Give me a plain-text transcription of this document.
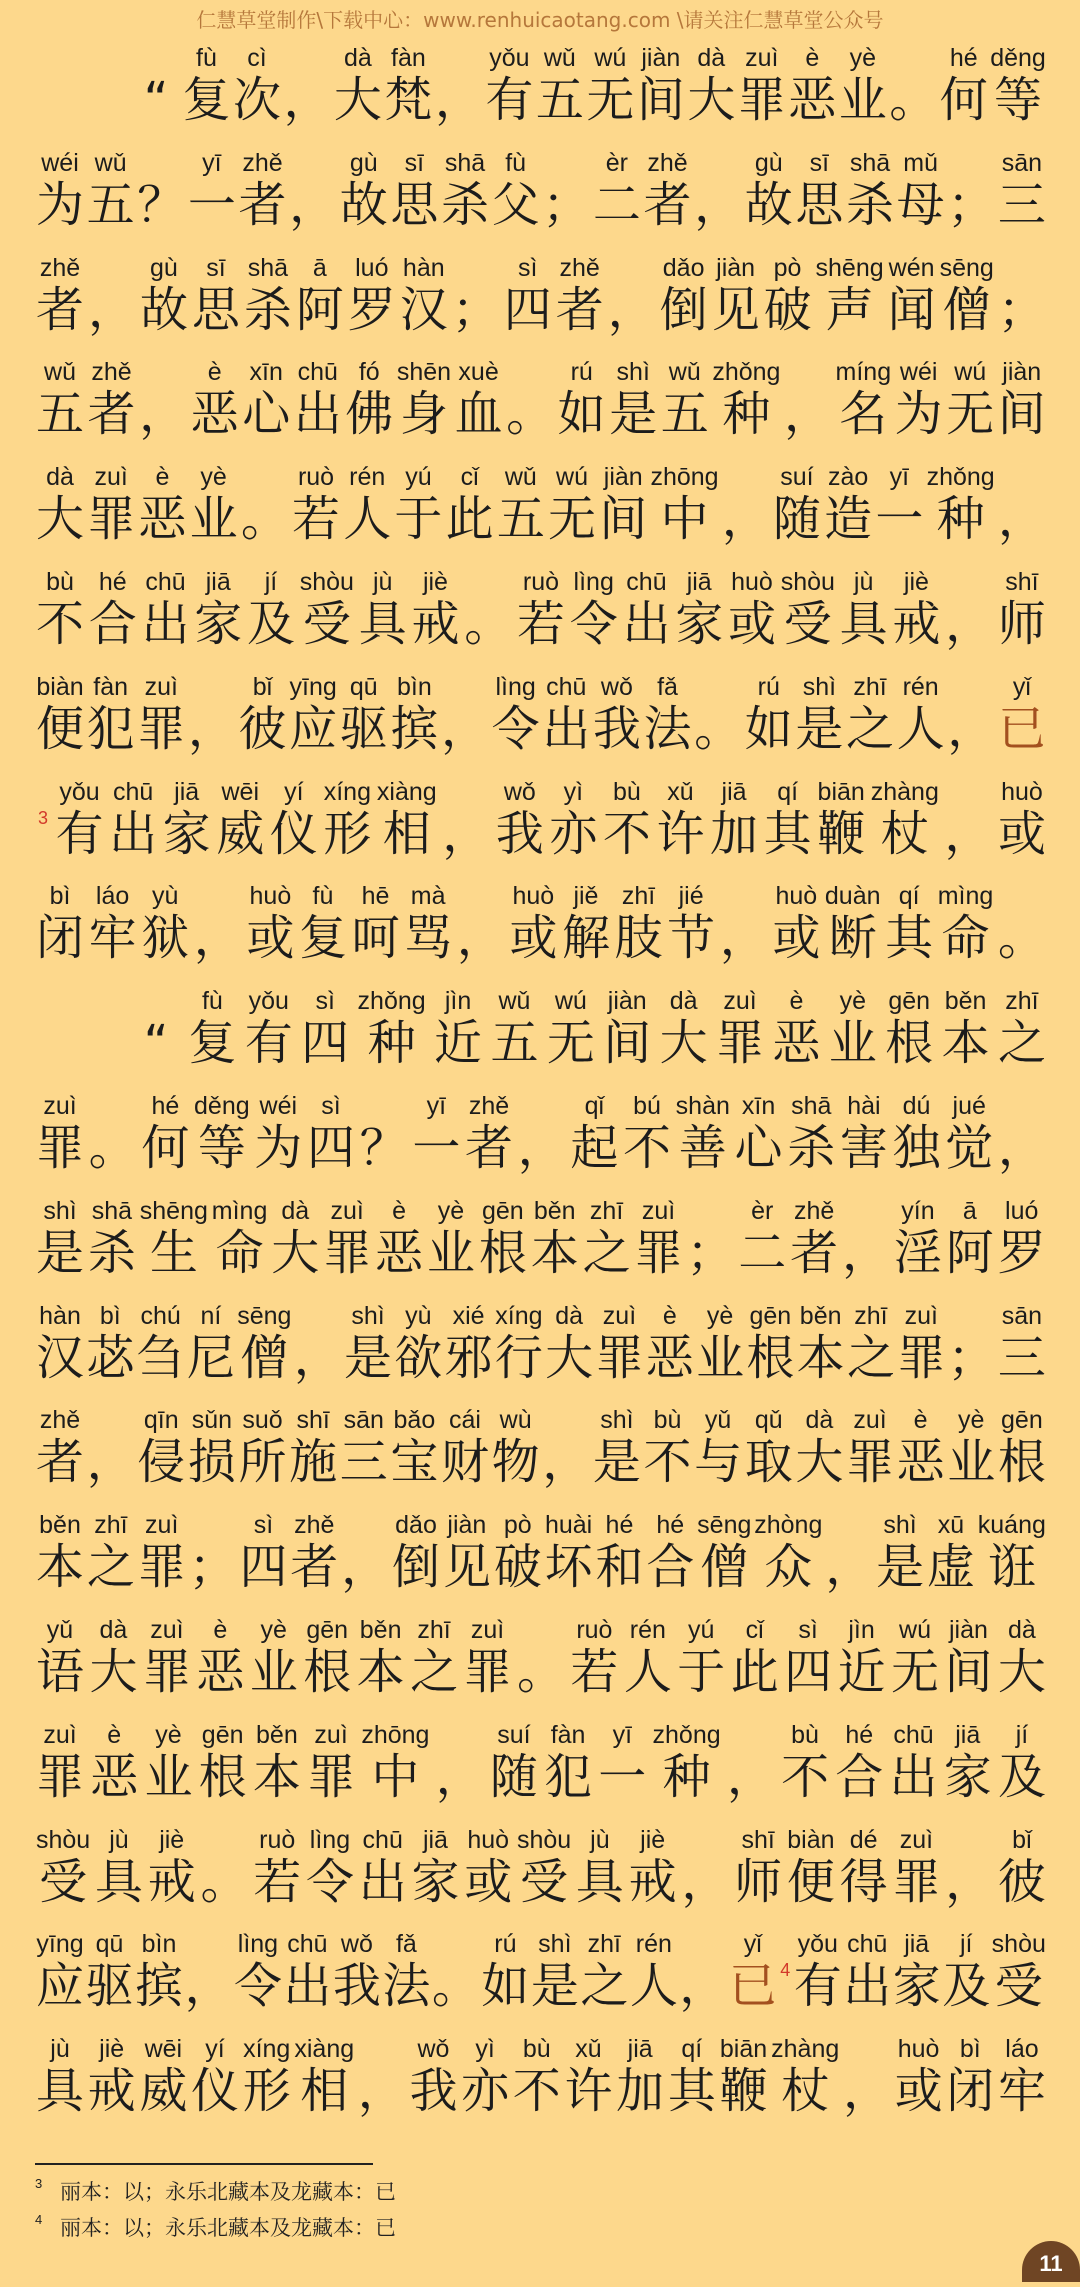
仁慧草堂制作\下载中心：www.renhuicaotang.com \请关注仁慧草堂公众号
“
fù
复
cì
次 ，
dà
大
fàn
梵 ，
yǒu
有
wǔ
五
wú
无
jiàn
间
dà
大
zuì
罪
è
恶
yè
业 。
hé
何
děng
等
wéi
为
wǔ
五 ？
yī
一
zhě
者 ，
gù
故
sī
思
shā
杀
fù
父 ；
èr
二
zhě
者 ，
gù
故
sī
思
shā
杀
mǔ
母 ；
sān
三
zhě
者 ，
gù
故
sī
思
shā
杀
ā
阿
luó
罗
hàn
汉 ；
sì
四
zhě
者 ，
dǎo
倒
jiàn
见
pò
破
shēng
声
wén
闻
sēng
僧 ；
wǔ
五
zhě
者 ，
è
恶
xīn
心
chū
出
fó
佛
shēn
身
xuè
血 。
rú
如
shì
是
wǔ
五
zhǒng
种 ，
míng
名
wéi
为
wú
无
jiàn
间
dà
大
zuì
罪
è
恶
yè
业 。
ruò
若
rén
人
yú
于
cǐ
此
wǔ
五
wú
无
jiàn
间
zhōng
中 ，
suí
随
zào
造
yī
一
zhǒng
种 ，
bù
不
hé
合
chū
出
jiā
家
jí
及
shòu
受
jù
具
jiè
戒 。
ruò
若
lìng
令
chū
出
jiā
家
huò
或
shòu
受
jù
具
jiè
戒 ，
shī
师
biàn
便
fàn
犯
zuì
罪 ，
bǐ
彼
yīng
应
qū
驱
bìn
摈 ，
lìng
令
chū
出
wǒ
我
fǎ
法 。
rú
如
shì
是
zhī
之
rén
人 ，
yǐ
已
3
yǒu
有
chū
出
jiā
家
wēi
威
yí
仪
xíng
形
xiàng
相 ，
wǒ
我
yì
亦
bù
不
xǔ
许
jiā
加
qí
其
biān
鞭
zhàng
杖 ，
huò
或
bì
闭
láo
牢
yù
狱 ，
huò
或
fù
复
hē
呵
mà
骂 ，
huò
或
jiě
解
zhī
肢
jié
节 ，
huò
或
duàn
断
qí
其
mìng
命 。
“
fù
复
yǒu
有
sì
四
zhǒng
种
jìn
近
wǔ
五
wú
无
jiàn
间
dà
大
zuì
罪
è
恶
yè
业
gēn
根
běn
本
zhī
之
zuì
罪 。
hé
何
děng
等
wéi
为
sì
四 ？
yī
一
zhě
者 ，
qǐ
起
bú
不
shàn
善
xīn
心
shā
杀
hài
害
dú
独
jué
觉 ，
shì
是
shā
杀
shēng
生
mìng
命
dà
大
zuì
罪
è
恶
yè
业
gēn
根
běn
本
zhī
之
zuì
罪 ；
èr
二
zhě
者 ，
yín
淫
ā
阿
luó
罗
hàn
汉
bì
苾
chú
刍
ní
尼
sēng
僧 ，
shì
是
yù
欲
xié
邪
xíng
行
dà
大
zuì
罪
è
恶
yè
业
gēn
根
běn
本
zhī
之
zuì
罪 ；
sān
三
zhě
者 ，
qīn
侵
sǔn
损
suǒ
所
shī
施
sān
三
bǎo
宝
cái
财
wù
物 ，
shì
是
bù
不
yǔ
与
qǔ
取
dà
大
zuì
罪
è
恶
yè
业
gēn
根
běn
本
zhī
之
zuì
罪 ；
sì
四
zhě
者 ，
dǎo
倒
jiàn
见
pò
破
huài
坏
hé
和
hé
合
sēng
僧
zhòng
众 ，
shì
是
xū
虚
kuáng
诳
yǔ
语
dà
大
zuì
罪
è
恶
yè
业
gēn
根
běn
本
zhī
之
zuì
罪 。
ruò
若
rén
人
yú
于
cǐ
此
sì
四
jìn
近
wú
无
jiàn
间
dà
大
zuì
罪
è
恶
yè
业
gēn
根
běn
本
zuì
罪
zhōng
中 ，
suí
随
fàn
犯
yī
一
zhǒng
种 ，
bù
不
hé
合
chū
出
jiā
家
jí
及
shòu
受
jù
具
jiè
戒 。
ruò
若
lìng
令
chū
出
jiā
家
huò
或
shòu
受
jù
具
jiè
戒 ，
shī
师
biàn
便
dé
得
zuì
罪 ，
bǐ
彼
yīng
应
qū
驱
bìn
摈 ，
lìng
令
chū
出
wǒ
我
fǎ
法 。
rú
如
shì
是
zhī
之
rén
人 ，
yǐ
已 4
yǒu
有
chū
出
jiā
家
jí
及
shòu
受
jù
具
jiè
戒
wēi
威
yí
仪
xíng
形
xiàng
相 ，
wǒ
我
yì
亦
bù
不
xǔ
许
jiā
加
qí
其
biān
鞭
zhàng
杖 ，
huò
或
bì
闭
láo
牢
3 丽本：以；永乐北藏本及龙藏本：已
4 丽本：以；永乐北藏本及龙藏本：已
11
